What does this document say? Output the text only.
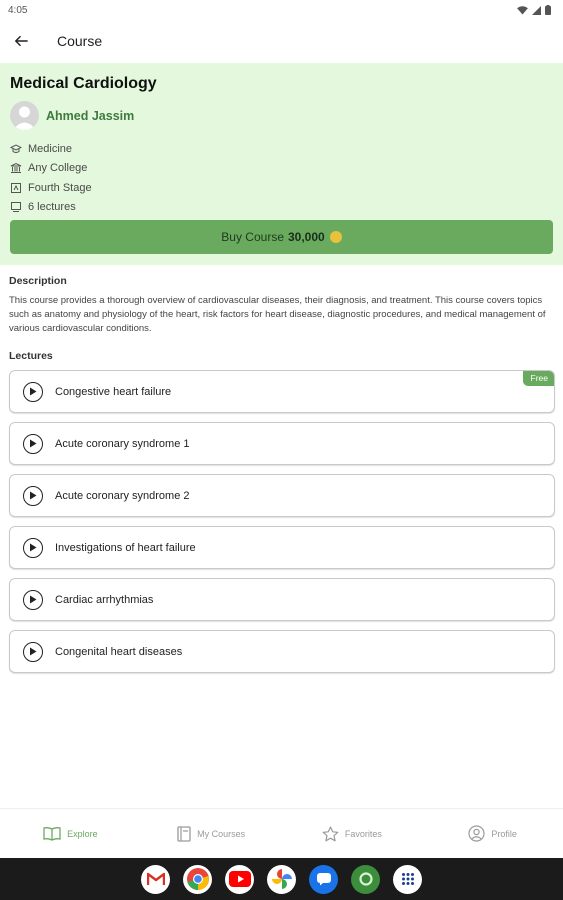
4:05
Course
Medical Cardiology
Ahmed Jassim
Medicine
Any College
Fourth Stage
6 lectures
Buy Course 30,000
Description
This course provides a thorough overview of cardiovascular diseases, their diagnosis, and treatment. This course covers topics such as anatomy and physiology of the heart, risk factors for heart disease, diagnostic procedures, and medical management of various cardiovascular conditions.
Lectures
Congestive heart failure
Free
Acute coronary syndrome 1
Acute coronary syndrome 2
Investigations of heart failure
Cardiac arrhythmias
Congenital heart diseases
Explore	My Courses	Favorites	Profile
